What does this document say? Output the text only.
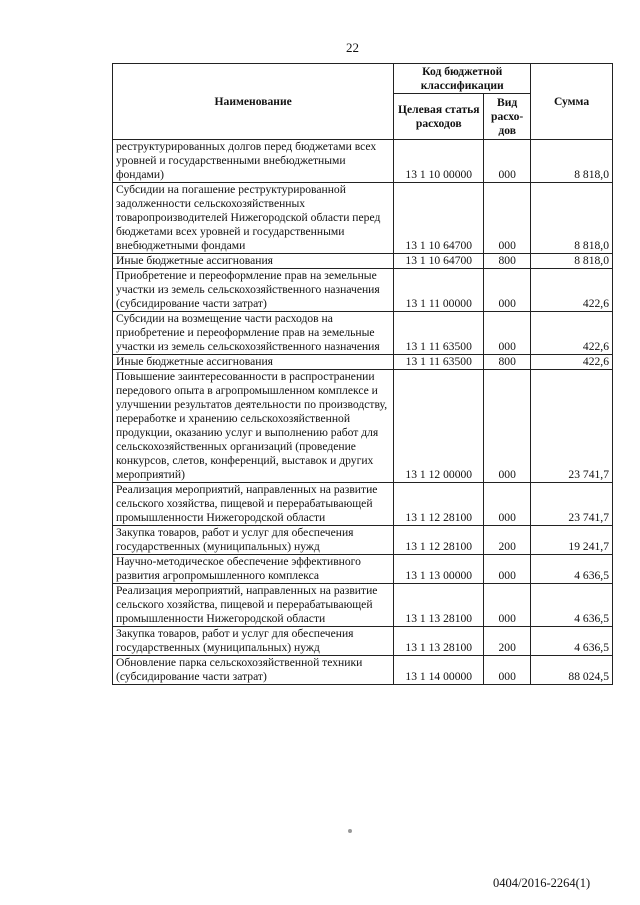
22
Наименование	Код бюджетной классификации		Сумма
	Целевая статья расходов	Вид расхо-дов	
реструктурированных долгов перед бюджетами всех уровней и государственными внебюджетными фондами)	13 1 10 00000	000	8 818,0
Субсидии на погашение реструктурированной задолженности сельскохозяйственных товаропроизводителей Нижегородской области перед бюджетами всех уровней и государственными внебюджетными фондами	13 1 10 64700	000	8 818,0
Иные бюджетные ассигнования	13 1 10 64700	800	8 818,0
Приобретение и переоформление прав на земельные участки из земель сельскохозяйственного назначения (субсидирование части затрат)	13 1 11 00000	000	422,6
Субсидии на возмещение части расходов на приобретение и переоформление прав на земельные участки из земель сельскохозяйственного назначения	13 1 11 63500	000	422,6
Иные бюджетные ассигнования	13 1 11 63500	800	422,6
Повышение заинтересованности в распространении передового опыта в агропромышленном комплексе и улучшении результатов деятельности по производству, переработке и хранению сельскохозяйственной продукции, оказанию услуг и выполнению работ для сельскохозяйственных организаций (проведение конкурсов, слетов, конференций, выставок и других мероприятий)	13 1 12 00000	000	23 741,7
Реализация мероприятий, направленных на развитие сельского хозяйства, пищевой и перерабатывающей промышленности Нижегородской области	13 1 12 28100	000	23 741,7
Закупка товаров, работ и услуг для обеспечения государственных (муниципальных) нужд	13 1 12 28100	200	19 241,7
Научно-методическое обеспечение эффективного развития агропромышленного комплекса	13 1 13 00000	000	4 636,5
Реализация мероприятий, направленных на развитие сельского хозяйства, пищевой и перерабатывающей промышленности Нижегородской области	13 1 13 28100	000	4 636,5
Закупка товаров, работ и услуг для обеспечения государственных (муниципальных) нужд	13 1 13 28100	200	4 636,5
Обновление парка сельскохозяйственной техники (субсидирование части затрат)	13 1 14 00000	000	88 024,5
0404/2016-2264(1)
